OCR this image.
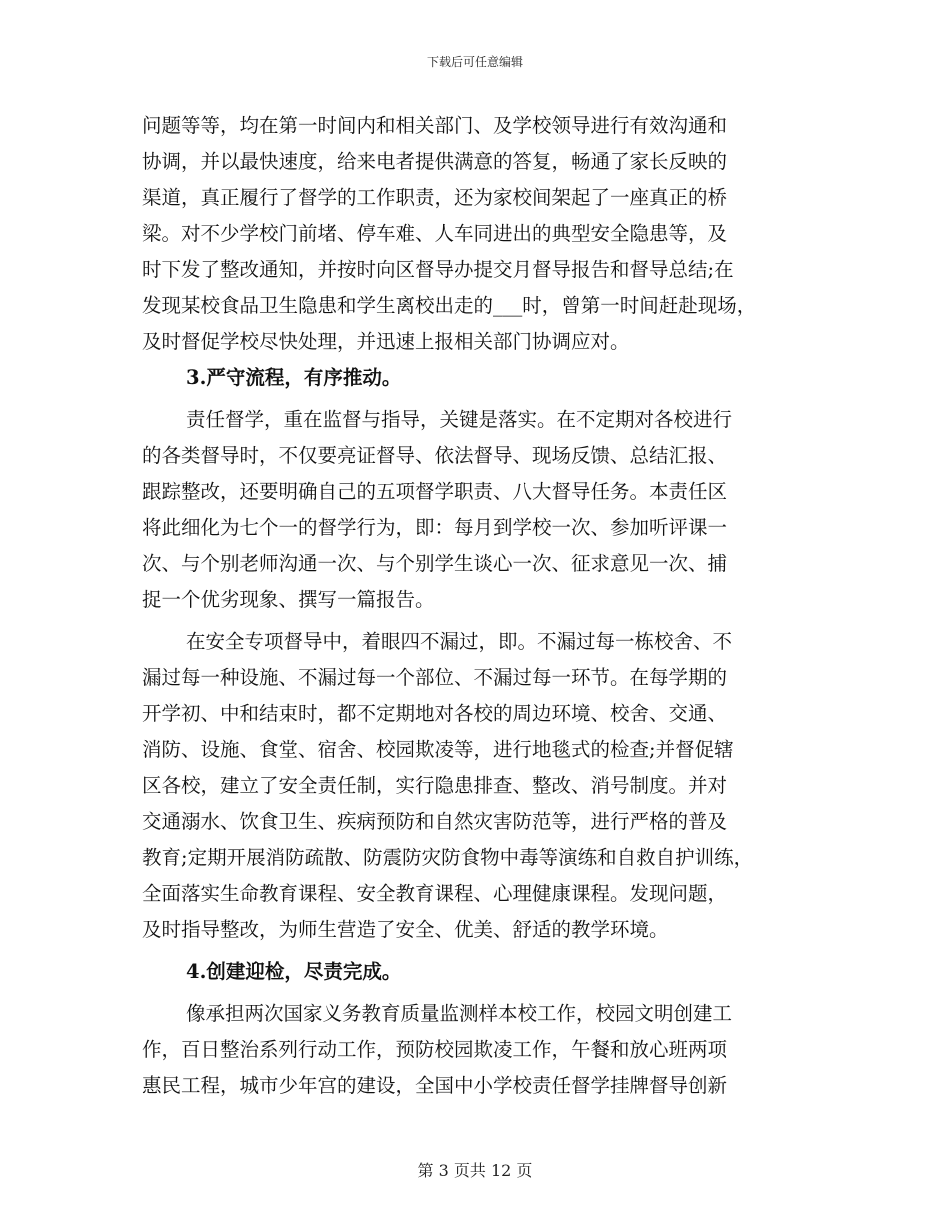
下载后可任意编辑
问题等等，均在第一时间内和相关部门、及学校领导进行有效沟通和
协调，并以最快速度，给来电者提供满意的答复，畅通了家长反映的
渠道，真正履行了督学的工作职责，还为家校间架起了一座真正的桥
梁。对不少学校门前堵、停车难、人车同进出的典型安全隐患等，及
时下发了整改通知，并按时向区督导办提交月督导报告和督导总结;在
发现某校食品卫生隐患和学生离校出走的___时，曾第一时间赶赴现场，
及时督促学校尽快处理，并迅速上报相关部门协调应对。
3.严守流程，有序推动。
责任督学，重在监督与指导，关键是落实。在不定期对各校进行
的各类督导时，不仅要亮证督导、依法督导、现场反馈、总结汇报、
跟踪整改，还要明确自己的五项督学职责、八大督导任务。本责任区
将此细化为七个一的督学行为，即：每月到学校一次、参加听评课一
次、与个别老师沟通一次、与个别学生谈心一次、征求意见一次、捕
捉一个优劣现象、撰写一篇报告。
在安全专项督导中，着眼四不漏过，即。不漏过每一栋校舍、不
漏过每一种设施、不漏过每一个部位、不漏过每一环节。在每学期的
开学初、中和结束时，都不定期地对各校的周边环境、校舍、交通、
消防、设施、食堂、宿舍、校园欺凌等，进行地毯式的检查;并督促辖
区各校，建立了安全责任制，实行隐患排查、整改、消号制度。并对
交通溺水、饮食卫生、疾病预防和自然灾害防范等，进行严格的普及
教育;定期开展消防疏散、防震防灾防食物中毒等演练和自救自护训练，
全面落实生命教育课程、安全教育课程、心理健康课程。发现问题，
及时指导整改，为师生营造了安全、优美、舒适的教学环境。
4.创建迎检，尽责完成。
像承担两次国家义务教育质量监测样本校工作，校园文明创建工
作，百日整治系列行动工作，预防校园欺凌工作，午餐和放心班两项
惠民工程，城市少年宫的建设，全国中小学校责任督学挂牌督导创新
第 3 页共 12 页
